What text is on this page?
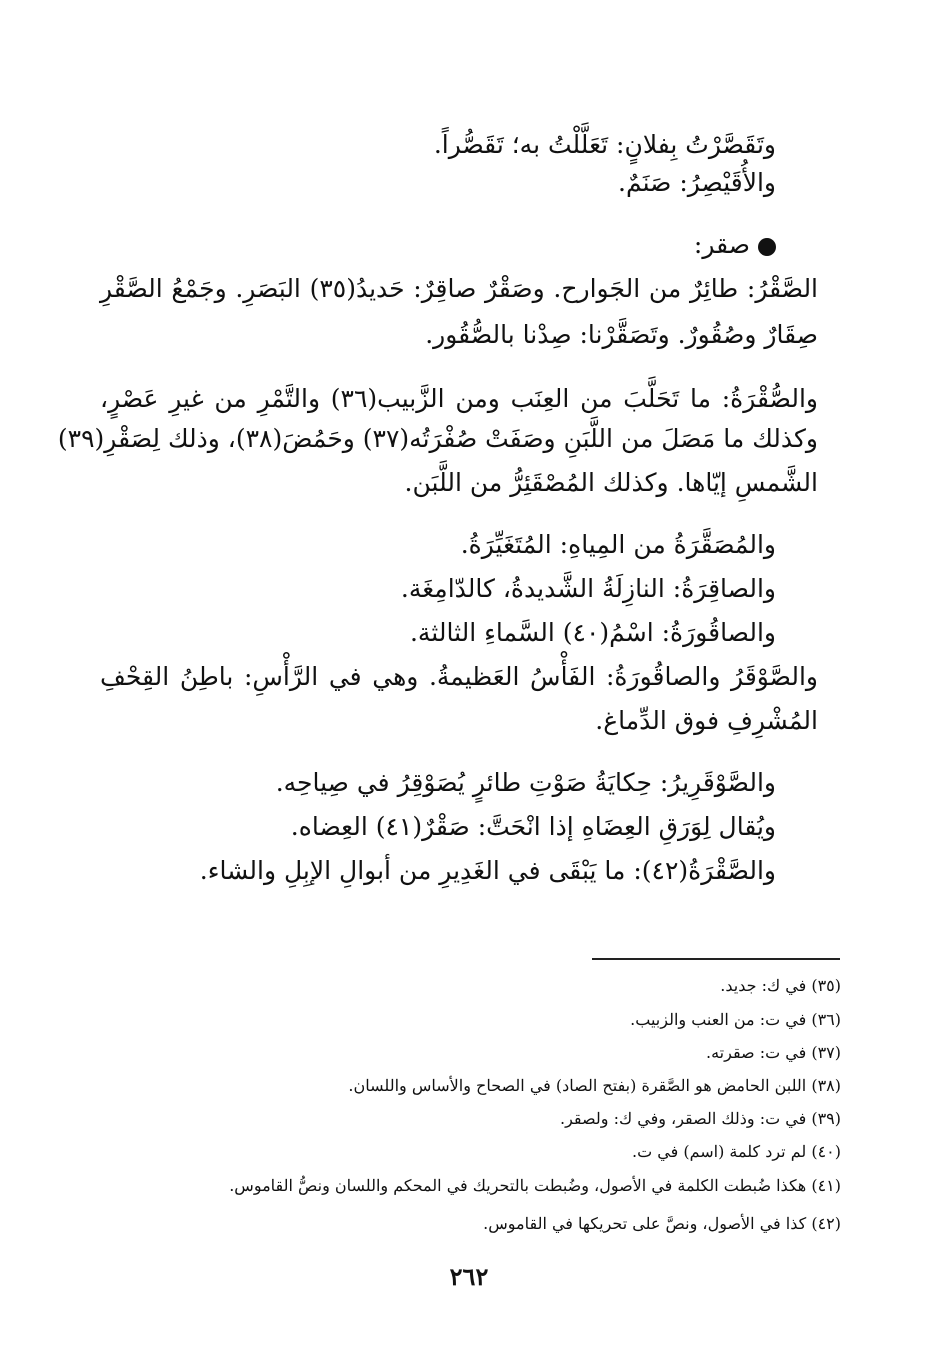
وتَقَصَّرْتُ بِفلانٍ: تَعَلَّلْتُ به؛ تَقَصُّراً.
والأُقَيْصِرُ: صَنَمٌ.
صقر:
الصَّقْرُ: طائِرٌ من الجَوارح. وصَقْرٌ صاقِرٌ: حَديدُ(٣٥) البَصَرِ. وجَمْعُ الصَّقْرِ
صِقَارٌ وصُقُورٌ. وتَصَقَّرْنا: صِدْنا بالصُّقُور.
والصُّقْرَةُ: ما تَحَلَّبَ من العِنَب ومن الزَّبيب(٣٦) والتَّمْرِ من غيرِ عَصْرٍ،
وكذلك ما مَصَلَ من اللَّبَنِ وصَفَتْ صُفْرَتُه(٣٧) وحَمُضَ(٣٨)، وذلك لِصَقْرِ(٣٩)
الشَّمسِ إيّاها. وكذلك المُصْقَئِرُّ من اللَّبَن.
والمُصَقَّرَةُ من المِياهِ: المُتَغَيِّرَةُ.
والصاقِرَةُ: النازِلَةُ الشَّديدةُ، كالدّامِغَة.
والصاقُورَةُ: اسْمُ(٤٠) السَّماءِ الثالثة.
والصَّوْقَرُ والصاقُورَةُ: الفَأْسُ العَظيمةُ. وهي في الرَّأْسِ: باطِنُ القِحْفِ
المُشْرِفِ فوق الدِّماغ.
والصَّوْقَرِيرُ: حِكايَةُ صَوْتِ طائرٍ يُصَوْقِرُ في صِياحِه.
ويُقال لِوَرَقِ العِضَاهِ إذا انْحَتَّ: صَقْرٌ(٤١) العِضاه.
والصَّقْرَةُ(٤٢): ما يَبْقَى في الغَدِيرِ من أبوالِ الإبِلِ والشاء.
(٣٥) في ك: جديد.
(٣٦) في ت: من العنب والزبيب.
(٣٧) في ت: صقرته.
(٣٨) اللبن الحامض هو الصَّقرة (بفتح الصاد) في الصحاح والأساس واللسان.
(٣٩) في ت: وذلك الصقر، وفي ك: ولصقر.
(٤٠) لم ترد كلمة (اسم) في ت.
(٤١) هكذا ضُبطت الكلمة في الأصول، وضُبطت بالتحريك في المحكم واللسان ونصُّ القاموس.
(٤٢) كذا في الأصول، ونصَّ على تحريكها في القاموس.
٢٦٢
